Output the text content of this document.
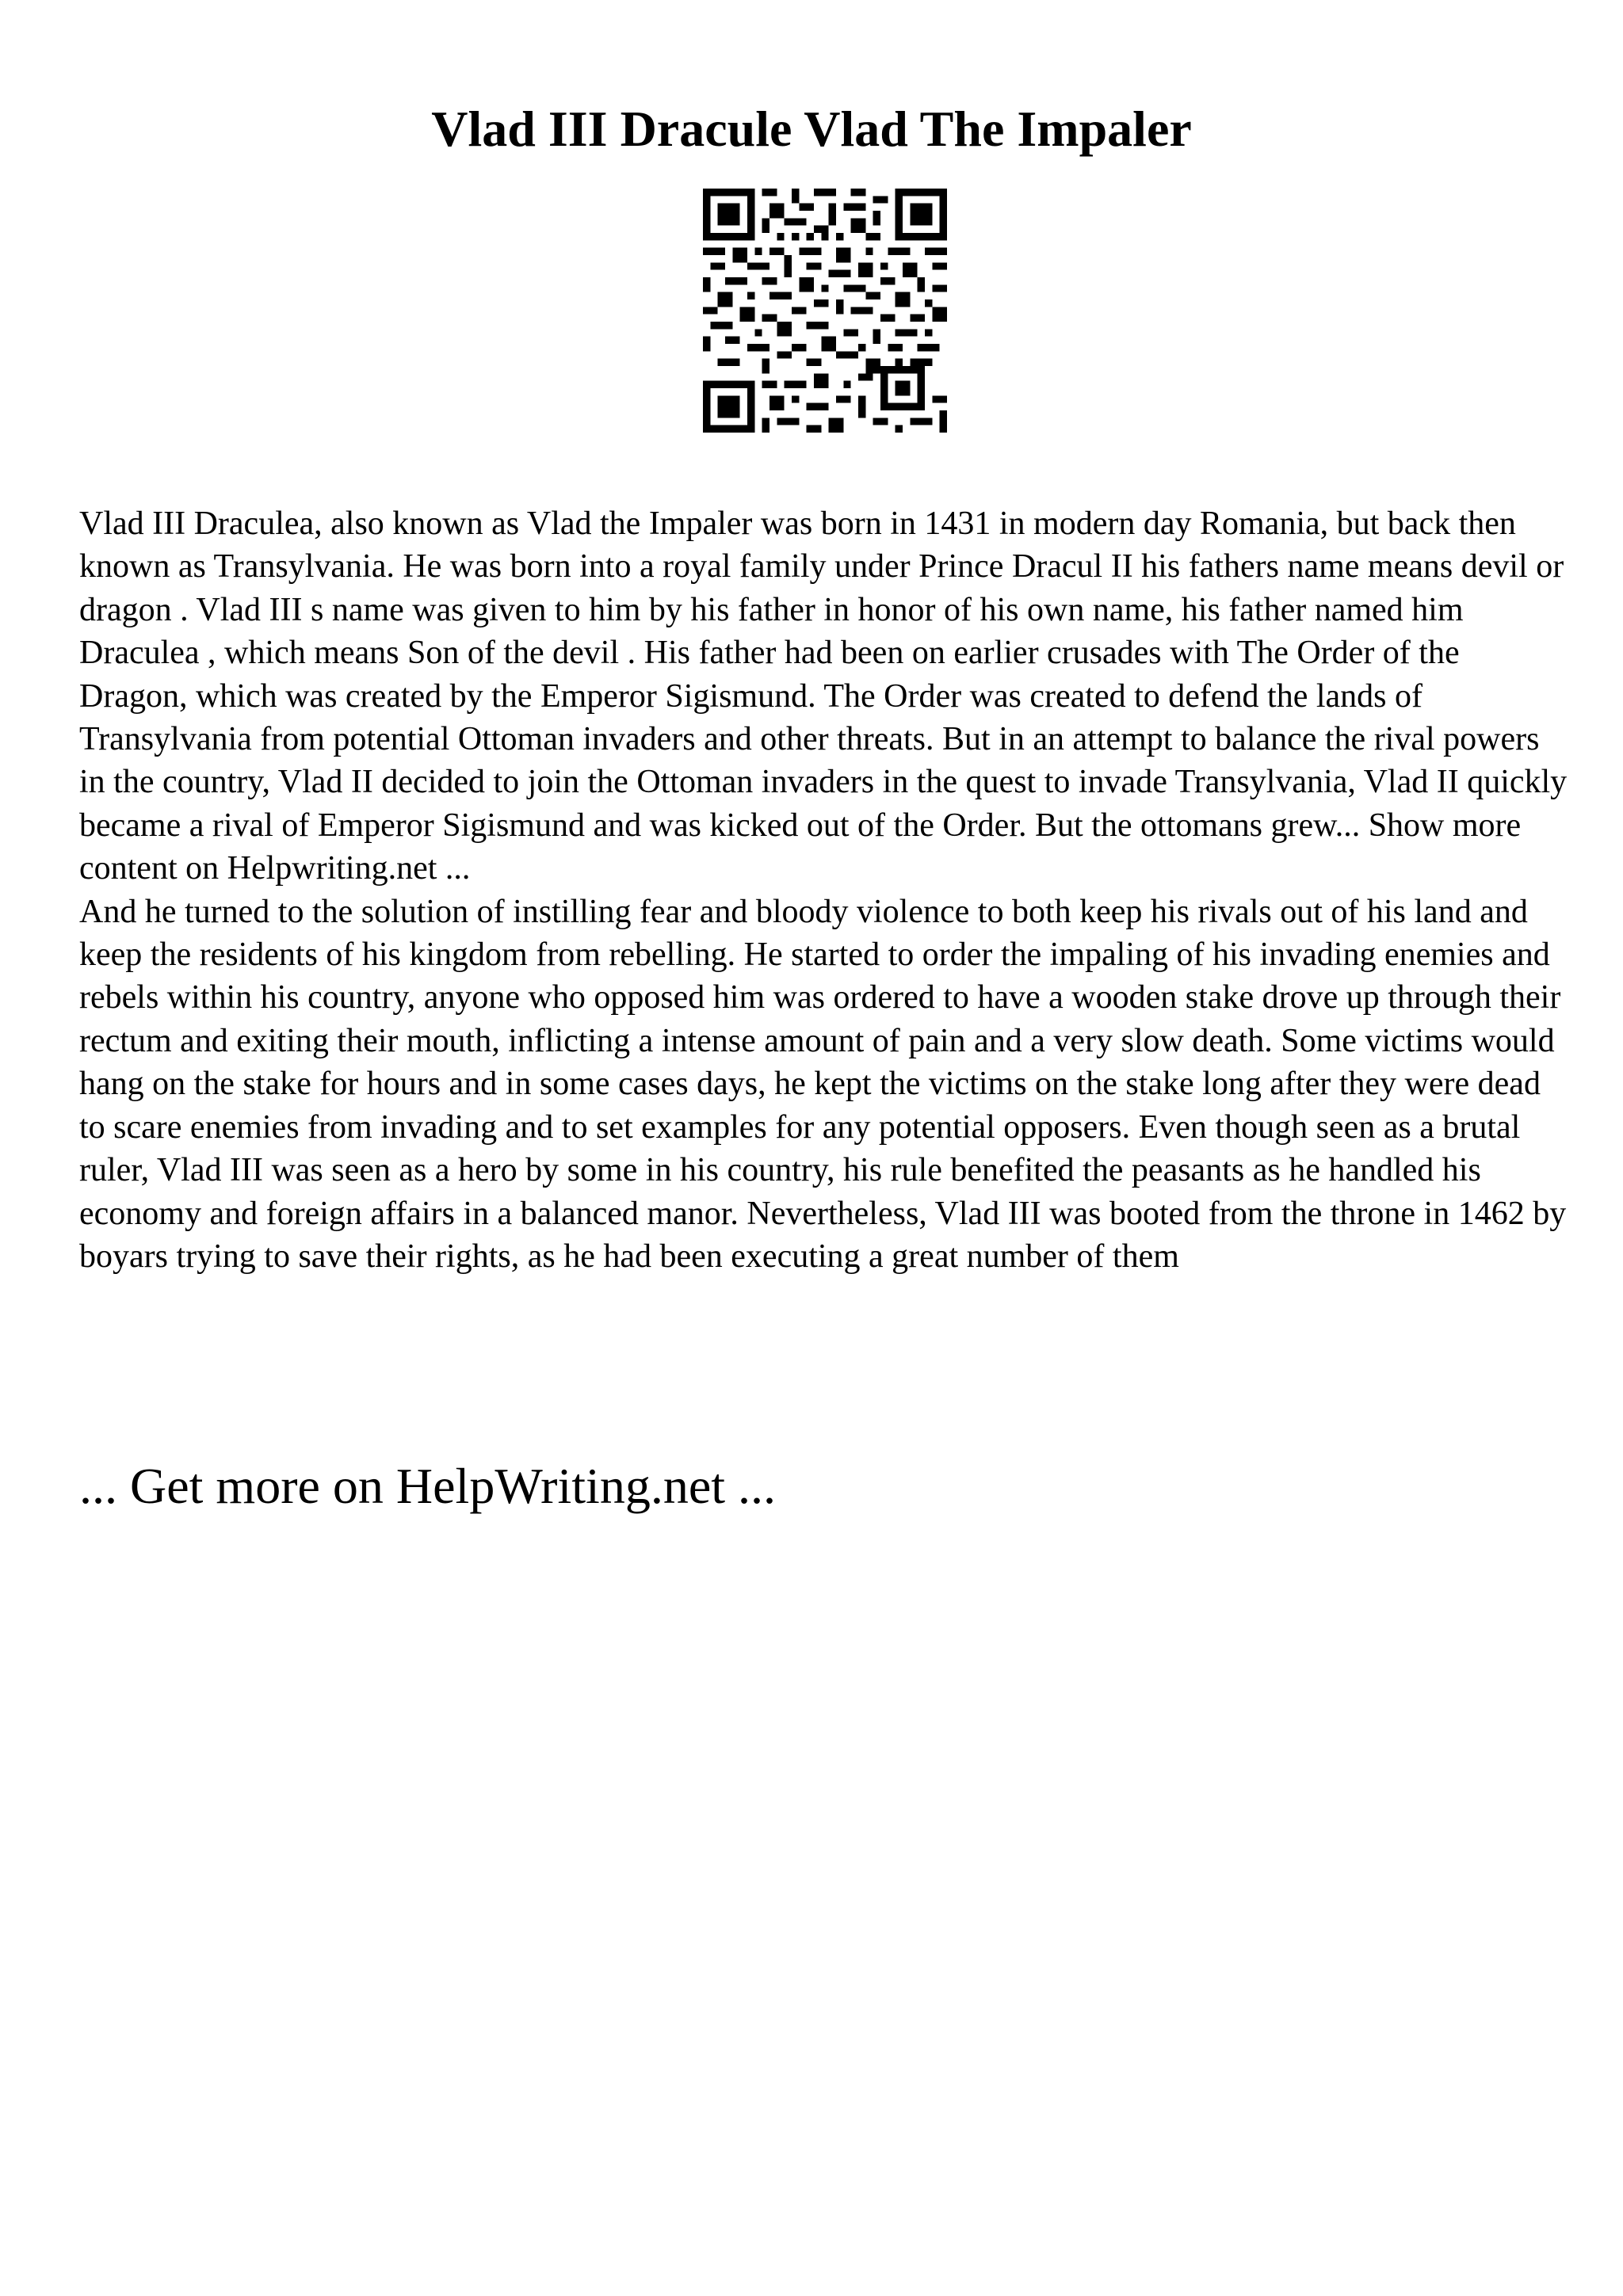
Vlad III Dracule Vlad The Impaler

Vlad III Draculea, also known as Vlad the Impaler was born in 1431 in modern day Romania, but back then known as Transylvania. He was born into a royal family under Prince Dracul II his fathers name means devil or dragon . Vlad III s name was given to him by his father in honor of his own name, his father named him Draculea , which means Son of the devil . His father had been on earlier crusades with The Order of the Dragon, which was created by the Emperor Sigismund. The Order was created to defend the lands of Transylvania from potential Ottoman invaders and other threats. But in an attempt to balance the rival powers in the country, Vlad II decided to join the Ottoman invaders in the quest to invade Transylvania, Vlad II quickly became a rival of Emperor Sigismund and was kicked out of the Order. But the ottomans grew... Show more content on Helpwriting.net ...

And he turned to the solution of instilling fear and bloody violence to both keep his rivals out of his land and keep the residents of his kingdom from rebelling. He started to order the impaling of his invading enemies and rebels within his country, anyone who opposed him was ordered to have a wooden stake drove up through their rectum and exiting their mouth, inflicting a intense amount of pain and a very slow death. Some victims would hang on the stake for hours and in some cases days, he kept the victims on the stake long after they were dead to scare enemies from invading and to set examples for any potential opposers. Even though seen as a brutal ruler, Vlad III was seen as a hero by some in his country, his rule benefited the peasants as he handled his economy and foreign affairs in a balanced manor. Nevertheless, Vlad III was booted from the throne in 1462 by boyars trying to save their rights, as he had been executing a great number of them

... Get more on HelpWriting.net ...
